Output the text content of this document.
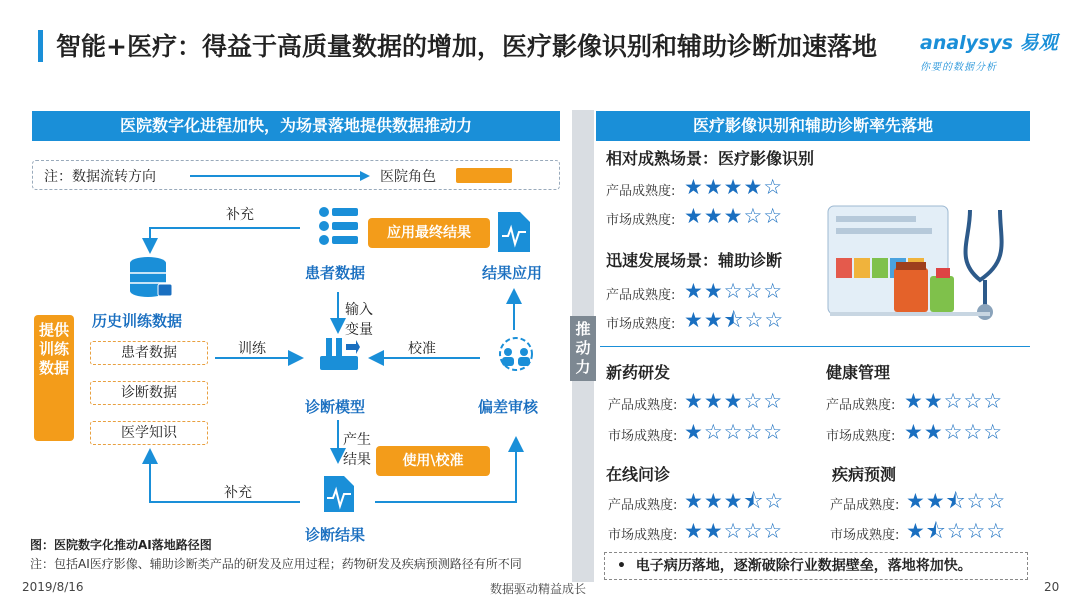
智能+医疗：得益于高质量数据的增加，医疗影像识别和辅助诊断加速落地	analysys 易观
你要的数据分析
医院数字化进程加快，为场景落地提供数据推动力
注：数据流转方向	医院角色
补充
输入变量
训练	校准
产生结果
补充
患者数据
应用最终结果
结果应用
历史训练数据
提供训练数据
患者数据
诊断数据
医学知识
诊断模型	偏差审核
使用\校准
诊断结果
图：医院数字化推动AI落地路径图
注：包括AI医疗影像、辅助诊断类产品的研发及应用过程；药物研发及疾病预测路径有所不同
推动力
医疗影像识别和辅助诊断率先落地
相对成熟场景：医疗影像识别
产品成熟度: ★★★★☆
市场成熟度: ★★★☆☆
迅速发展场景：辅助诊断
产品成熟度: ★★☆☆☆
市场成熟度: ★★⯪☆☆
新药研发
产品成熟度: ★★★☆☆
市场成熟度: ★☆☆☆☆
健康管理
产品成熟度: ★★☆☆☆
市场成熟度: ★★☆☆☆
在线问诊
产品成熟度: ★★★⯪☆
市场成熟度: ★★☆☆☆
疾病预测
产品成熟度: ★★⯪☆☆
市场成熟度: ★⯪☆☆☆
•  电子病历落地，逐渐破除行业数据壁垒，落地将加快。
2019/8/16	数据驱动精益成长	20
